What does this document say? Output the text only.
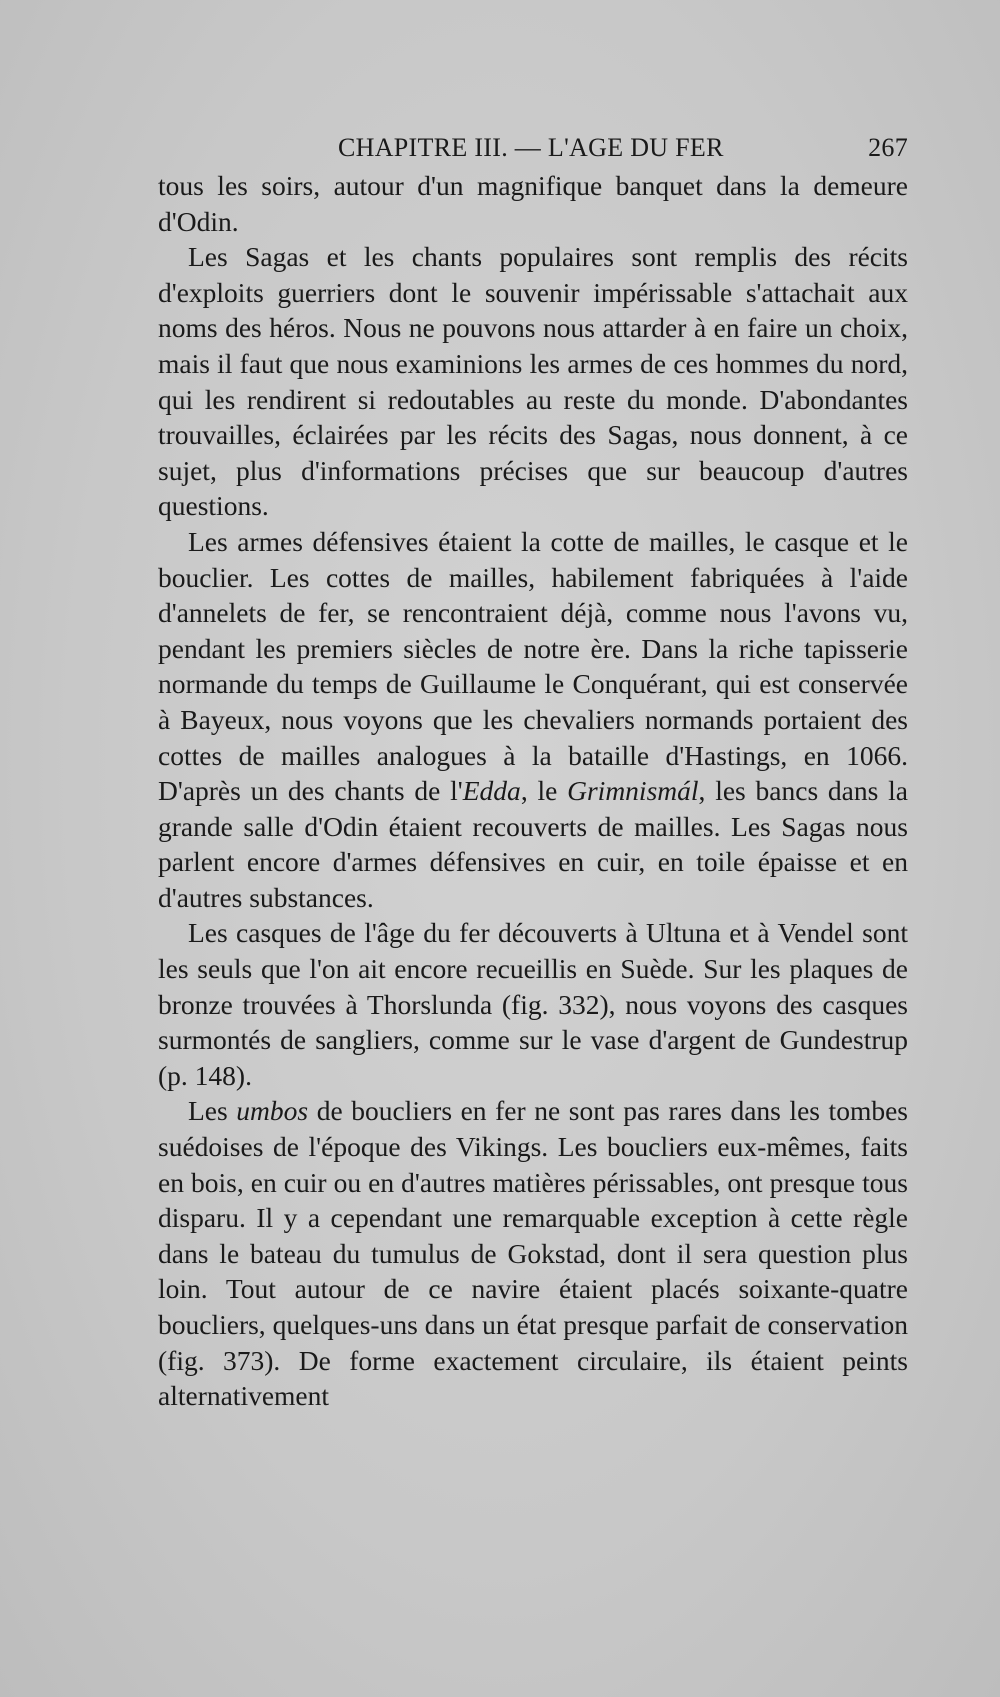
CHAPITRE III. — L'AGE DU FER	267

tous les soirs, autour d'un magnifique banquet dans la demeure d'Odin.

Les Sagas et les chants populaires sont remplis des récits d'exploits guerriers dont le souvenir impérissable s'attachait aux noms des héros. Nous ne pouvons nous attarder à en faire un choix, mais il faut que nous examinions les armes de ces hommes du nord, qui les rendirent si redoutables au reste du monde. D'abondantes trouvailles, éclairées par les récits des Sagas, nous donnent, à ce sujet, plus d'informations précises que sur beaucoup d'autres questions.

Les armes défensives étaient la cotte de mailles, le casque et le bouclier. Les cottes de mailles, habilement fabriquées à l'aide d'annelets de fer, se rencontraient déjà, comme nous l'avons vu, pendant les premiers siècles de notre ère. Dans la riche tapisserie normande du temps de Guillaume le Conquérant, qui est conservée à Bayeux, nous voyons que les chevaliers normands portaient des cottes de mailles analogues à la bataille d'Hastings, en 1066. D'après un des chants de l'Edda, le Grimnismál, les bancs dans la grande salle d'Odin étaient recouverts de mailles. Les Sagas nous parlent encore d'armes défensives en cuir, en toile épaisse et en d'autres substances.

Les casques de l'âge du fer découverts à Ultuna et à Vendel sont les seuls que l'on ait encore recueillis en Suède. Sur les plaques de bronze trouvées à Thorslunda (fig. 332), nous voyons des casques surmontés de sangliers, comme sur le vase d'argent de Gundestrup (p. 148).

Les umbos de boucliers en fer ne sont pas rares dans les tombes suédoises de l'époque des Vikings. Les boucliers eux-mêmes, faits en bois, en cuir ou en d'autres matières périssables, ont presque tous disparu. Il y a cependant une remarquable exception à cette règle dans le bateau du tumulus de Gokstad, dont il sera question plus loin. Tout autour de ce navire étaient placés soixante-quatre boucliers, quelques-uns dans un état presque parfait de conservation (fig. 373). De forme exactement circulaire, ils étaient peints alternativement
